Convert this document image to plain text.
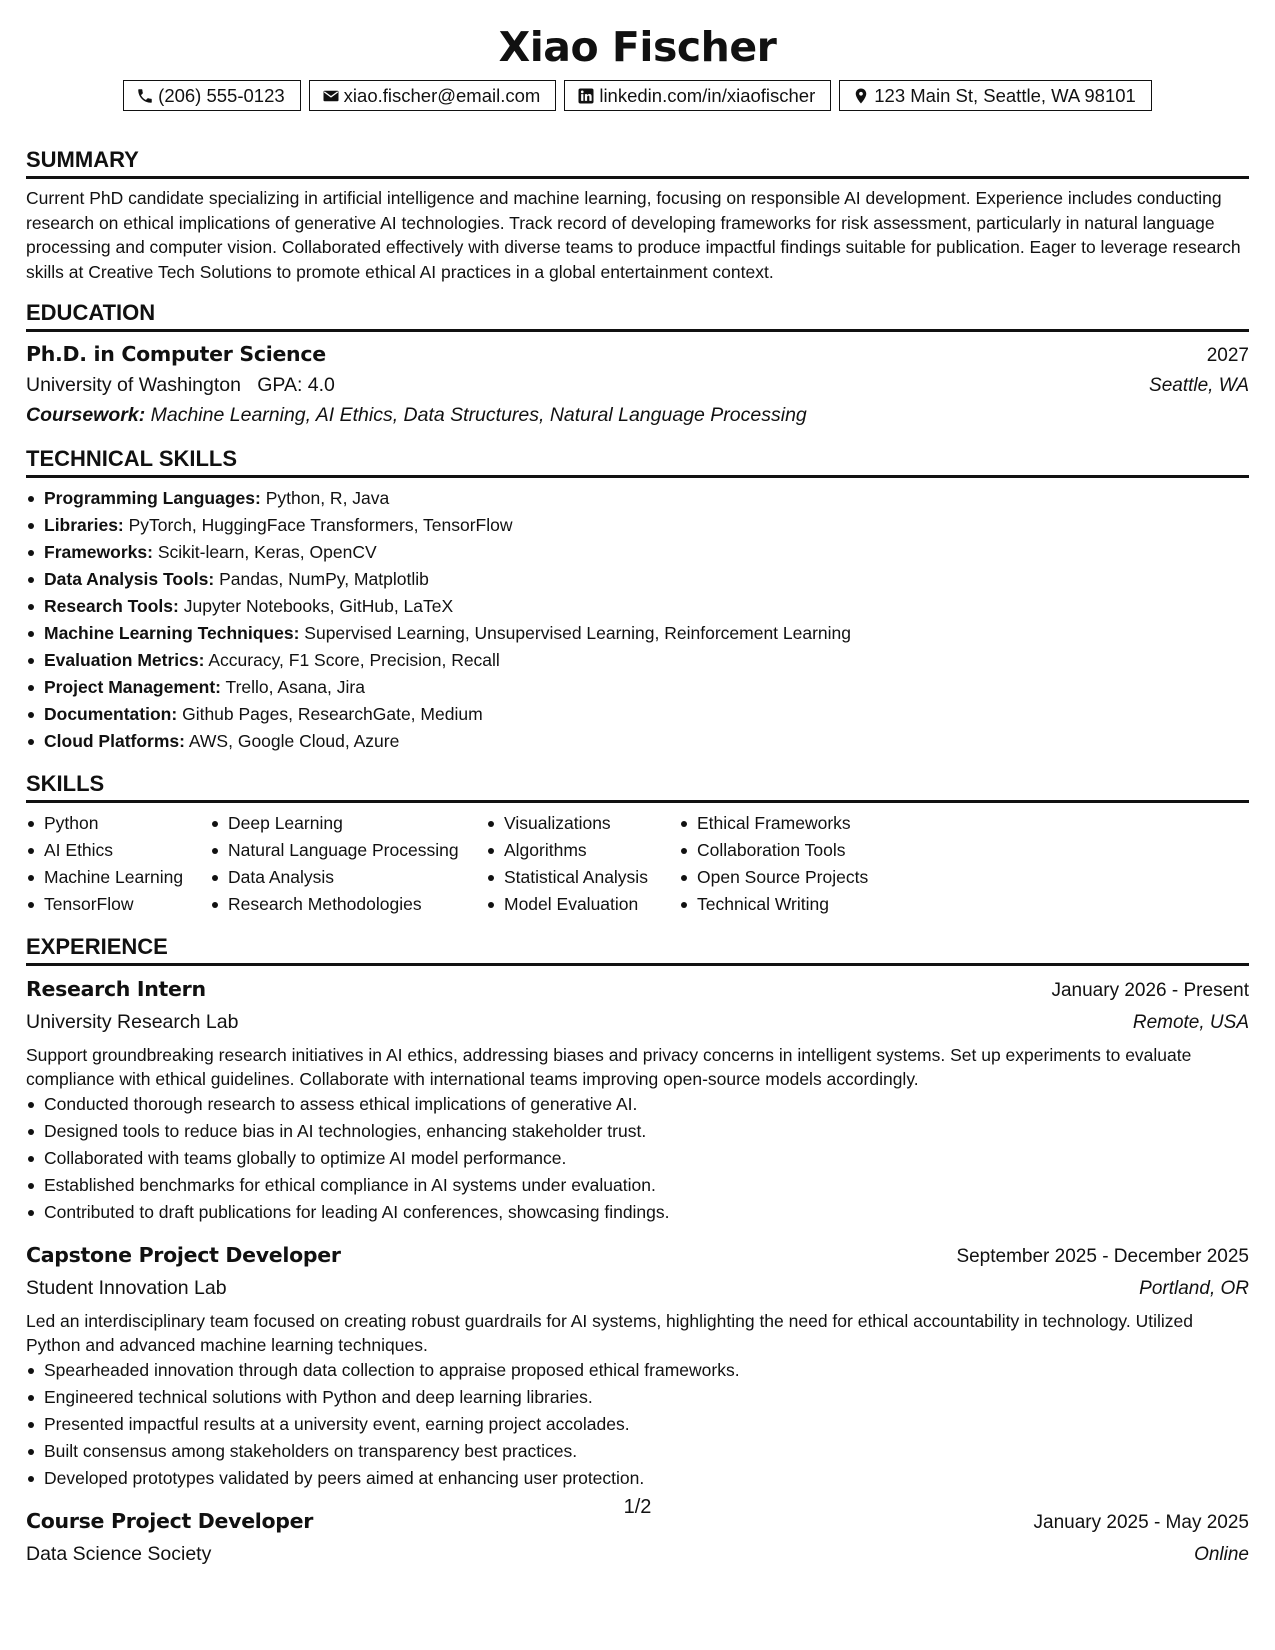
Xiao Fischer
(206) 555-0123	xiao.fischer@email.com	linkedin.com/in/xiaofischer	123 Main St, Seattle, WA 98101
SUMMARY
Current PhD candidate specializing in artificial intelligence and machine learning, focusing on responsible AI development. Experience includes conducting research on ethical implications of generative AI technologies. Track record of developing frameworks for risk assessment, particularly in natural language processing and computer vision. Collaborated effectively with diverse teams to produce impactful findings suitable for publication. Eager to leverage research skills at Creative Tech Solutions to promote ethical AI practices in a global entertainment context.
EDUCATION
Ph.D. in Computer Science	2027
University of Washington GPA: 4.0	Seattle, WA
Coursework: Machine Learning, AI Ethics, Data Structures, Natural Language Processing
TECHNICAL SKILLS
Programming Languages: Python, R, Java
Libraries: PyTorch, HuggingFace Transformers, TensorFlow
Frameworks: Scikit-learn, Keras, OpenCV
Data Analysis Tools: Pandas, NumPy, Matplotlib
Research Tools: Jupyter Notebooks, GitHub, LaTeX
Machine Learning Techniques: Supervised Learning, Unsupervised Learning, Reinforcement Learning
Evaluation Metrics: Accuracy, F1 Score, Precision, Recall
Project Management: Trello, Asana, Jira
Documentation: Github Pages, ResearchGate, Medium
Cloud Platforms: AWS, Google Cloud, Azure
SKILLS
Python
AI Ethics
Machine Learning
TensorFlow
Deep Learning
Natural Language Processing
Data Analysis
Research Methodologies
Visualizations
Algorithms
Statistical Analysis
Model Evaluation
Ethical Frameworks
Collaboration Tools
Open Source Projects
Technical Writing
EXPERIENCE
Research Intern	January 2026 - Present
University Research Lab	Remote, USA
Support groundbreaking research initiatives in AI ethics, addressing biases and privacy concerns in intelligent systems. Set up experiments to evaluate compliance with ethical guidelines. Collaborate with international teams improving open-source models accordingly.
Conducted thorough research to assess ethical implications of generative AI.
Designed tools to reduce bias in AI technologies, enhancing stakeholder trust.
Collaborated with teams globally to optimize AI model performance.
Established benchmarks for ethical compliance in AI systems under evaluation.
Contributed to draft publications for leading AI conferences, showcasing findings.
Capstone Project Developer	September 2025 - December 2025
Student Innovation Lab	Portland, OR
Led an interdisciplinary team focused on creating robust guardrails for AI systems, highlighting the need for ethical accountability in technology. Utilized Python and advanced machine learning techniques.
Spearheaded innovation through data collection to appraise proposed ethical frameworks.
Engineered technical solutions with Python and deep learning libraries.
Presented impactful results at a university event, earning project accolades.
Built consensus among stakeholders on transparency best practices.
Developed prototypes validated by peers aimed at enhancing user protection.
Course Project Developer	January 2025 - May 2025
Data Science Society	Online
1/2
